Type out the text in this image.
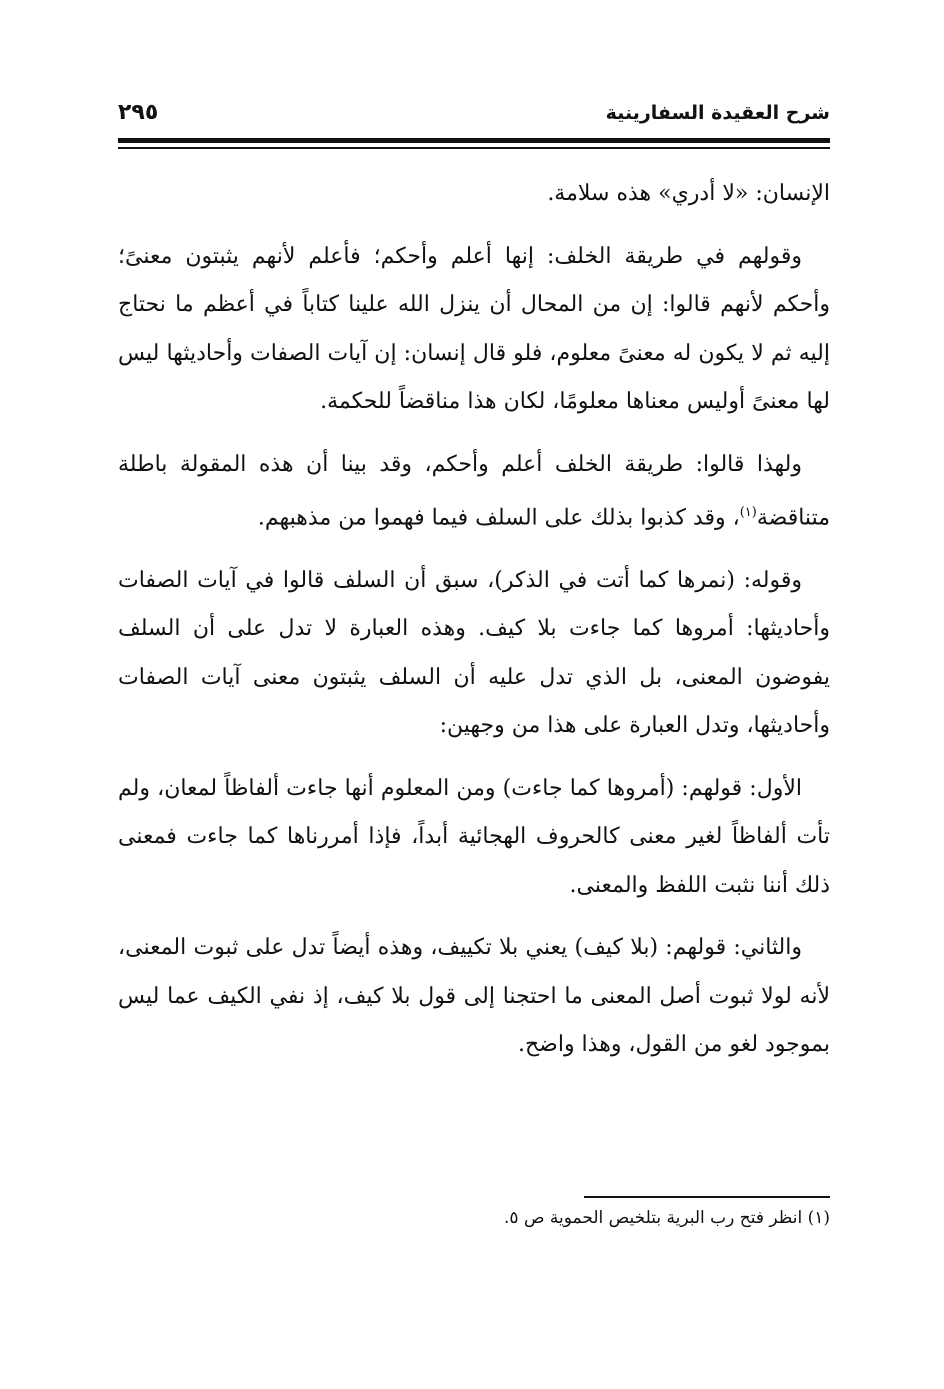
شرح العقيدة السفارينية
٢٩٥

الإنسان: «لا أدري» هذه سلامة.

وقولهم في طريقة الخلف: إنها أعلم وأحكم؛ فأعلم لأنهم يثبتون معنىً؛ وأحكم لأنهم قالوا: إن من المحال أن ينزل الله علينا كتاباً في أعظم ما نحتاج إليه ثم لا يكون له معنىً معلوم، فلو قال إنسان: إن آيات الصفات وأحاديثها ليس لها معنىً أوليس معناها معلومًا، لكان هذا مناقضاً للحكمة.

ولهذا قالوا: طريقة الخلف أعلم وأحكم، وقد بينا أن هذه المقولة باطلة متناقضة$^{(١)}$، وقد كذبوا بذلك على السلف فيما فهموا من مذهبهم.

وقوله: (نمرها كما أتت في الذكر)، سبق أن السلف قالوا في آيات الصفات وأحاديثها: أمروها كما جاءت بلا كيف. وهذه العبارة لا تدل على أن السلف يفوضون المعنى، بل الذي تدل عليه أن السلف يثبتون معنى آيات الصفات وأحاديثها، وتدل العبارة على هذا من وجهين:

الأول: قولهم: (أمروها كما جاءت) ومن المعلوم أنها جاءت ألفاظاً لمعان، ولم تأت ألفاظاً لغير معنى كالحروف الهجائية أبداً، فإذا أمررناها كما جاءت فمعنى ذلك أننا نثبت اللفظ والمعنى.

والثاني: قولهم: (بلا كيف) يعني بلا تكييف، وهذه أيضاً تدل على ثبوت المعنى، لأنه لولا ثبوت أصل المعنى ما احتجنا إلى قول بلا كيف، إذ نفي الكيف عما ليس بموجود لغو من القول، وهذا واضح.

(١) انظر فتح رب البرية بتلخيص الحموية ص ٥.
